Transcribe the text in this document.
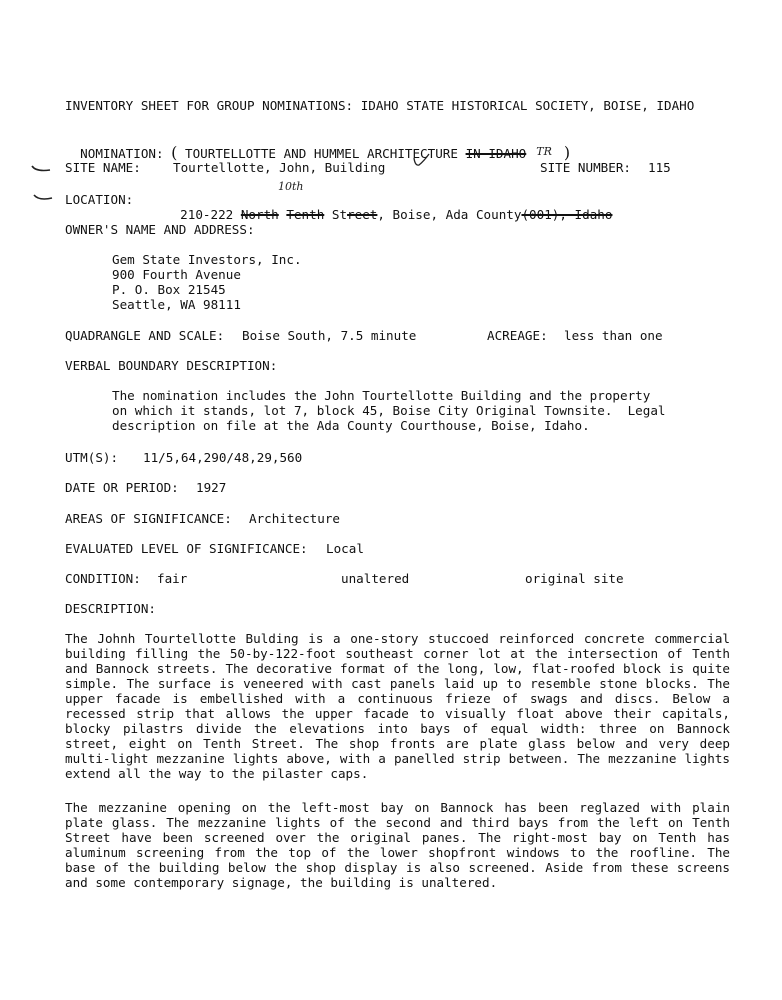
INVENTORY SHEET FOR GROUP NOMINATIONS: IDAHO STATE HISTORICAL SOCIETY, BOISE, IDAHO

NOMINATION: ( TOURTELLOTTE AND HUMMEL ARCHITECTURE IN IDAHO TR )

SITE NAME:	Tourtellotte, John, Building	SITE NUMBER: 115
LOCATION:

210-222 North Tenth Street, Boise, Ada County(001), Idaho

10th
OWNER'S NAME AND ADDRESS:
Gem State Investors, Inc.
900 Fourth Avenue
P. O. Box 21545
Seattle, WA 98111
QUADRANGLE AND SCALE: Boise South, 7.5 minute	ACREAGE: less than one
VERBAL BOUNDARY DESCRIPTION:
The nomination includes the John Tourtellotte Building and the property
on which it stands, lot 7, block 45, Boise City Original Townsite.  Legal
description on file at the Ada County Courthouse, Boise, Idaho.
UTM(S): 11/5,64,290/48,29,560
DATE OR PERIOD: 1927
AREAS OF SIGNIFICANCE: Architecture
EVALUATED LEVEL OF SIGNIFICANCE: Local
CONDITION: fair	unaltered	original site
DESCRIPTION:

The Johnh Tourtellotte Bulding is a one-story stuccoed reinforced concrete commercial building filling the 50-by-122-foot southeast corner lot at the intersection of Tenth and Bannock streets. The decorative format of the long, low, flat-roofed block is quite simple. The surface is veneered with cast panels laid up to resemble stone blocks. The upper facade is embellished with a continuous frieze of swags and discs. Below a recessed strip that allows the upper facade to visually float above their capitals, blocky pilastrs divide the elevations into bays of equal width: three on Bannock street, eight on Tenth Street. The shop fronts are plate glass below and very deep multi-light mezzanine lights above, with a panelled strip between. The mezzanine lights extend all the way to the pilaster caps.

The mezzanine opening on the left-most bay on Bannock has been reglazed with plain plate glass. The mezzanine lights of the second and third bays from the left on Tenth Street have been screened over the original panes. The right-most bay on Tenth has aluminum screening from the top of the lower shopfront windows to the roofline. The base of the building below the shop display is also screened. Aside from these screens and some contemporary signage, the building is unaltered.
